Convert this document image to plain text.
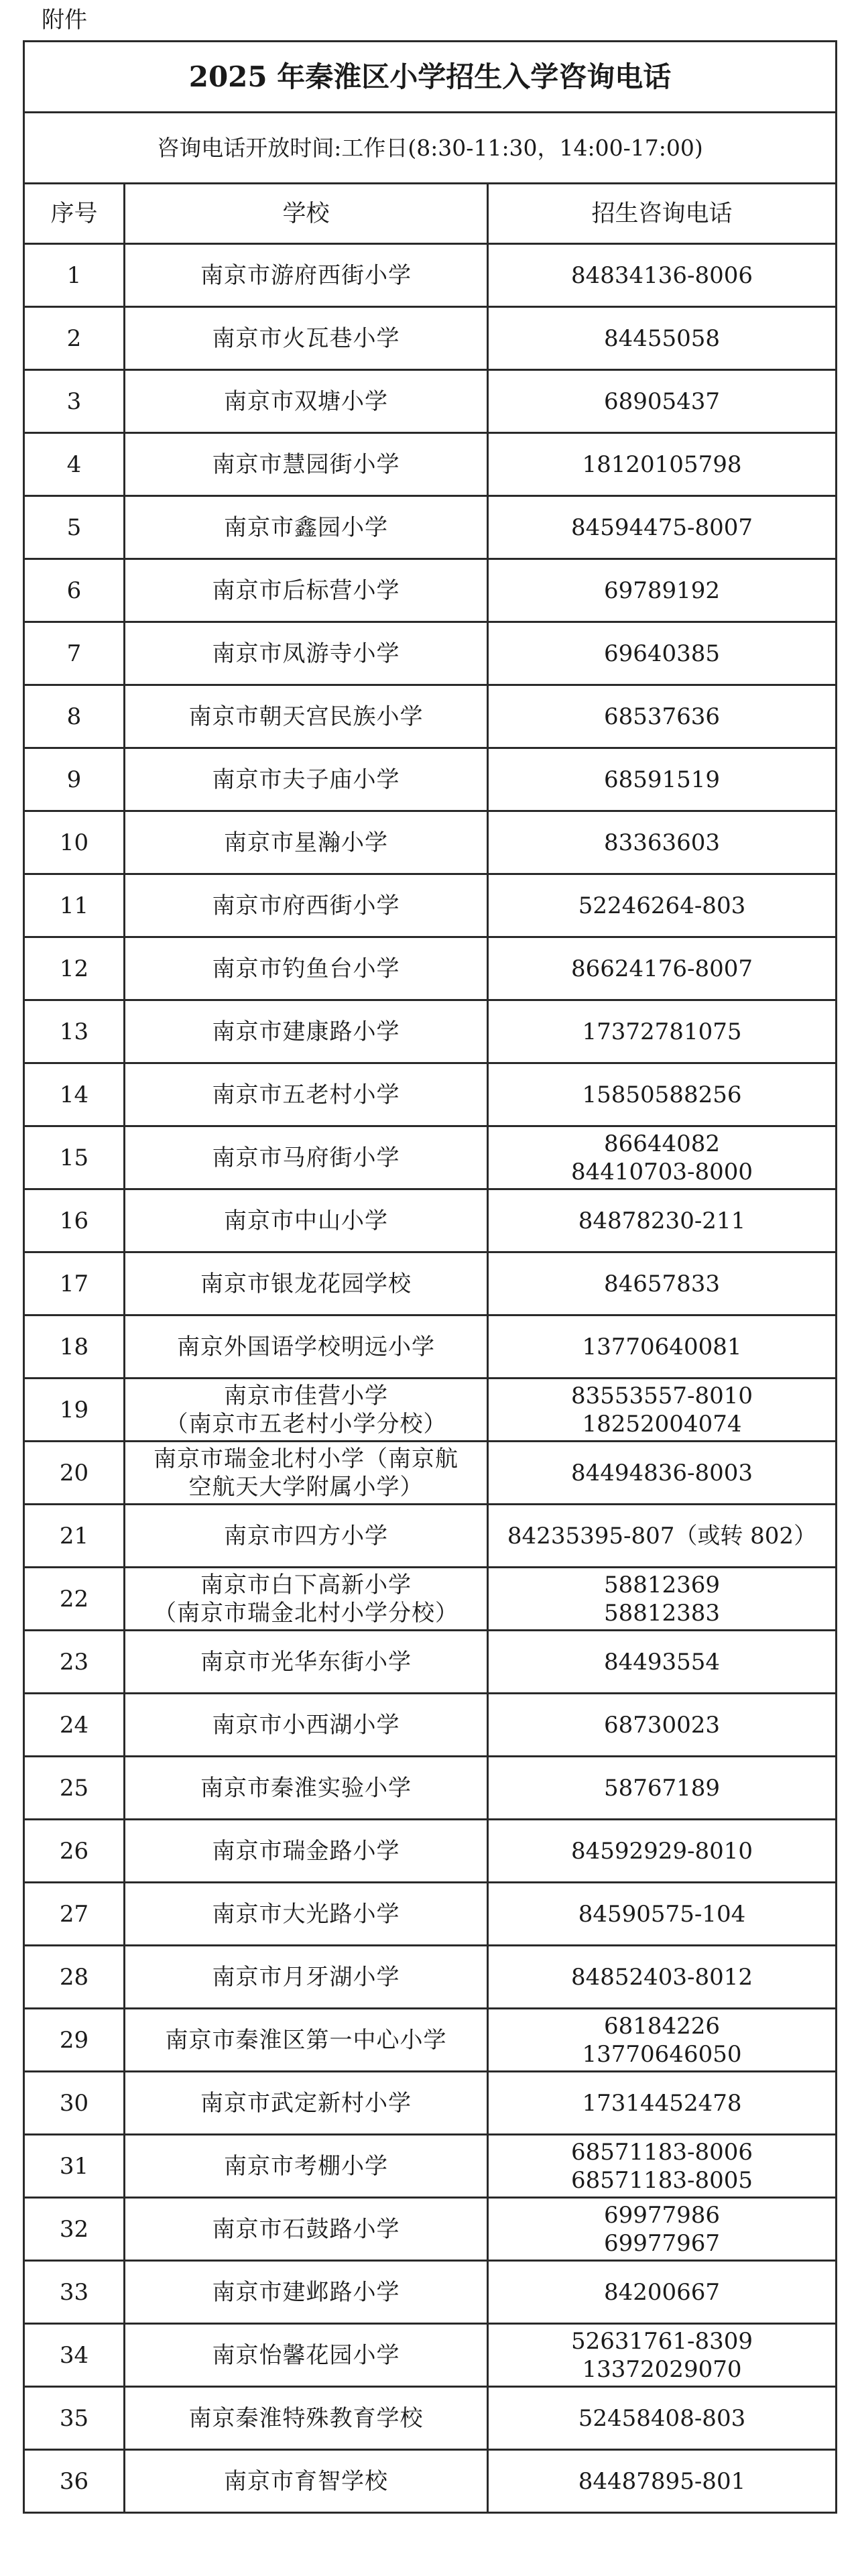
附件
2025 年秦淮区小学招生入学咨询电话		
咨询电话开放时间:工作日(8:30-11:30，14:00-17:00)		
序号	学校	招生咨询电话
1	南京市游府西街小学	84834136-8006

2	南京市火瓦巷小学	84455058

3	南京市双塘小学	68905437

4	南京市慧园街小学	18120105798

5	南京市鑫园小学	84594475-8007

6	南京市后标营小学	69789192

7	南京市凤游寺小学	69640385

8	南京市朝天宫民族小学	68537636

9	南京市夫子庙小学	68591519

10	南京市星瀚小学	83363603

11	南京市府西街小学	52246264-803

12	南京市钓鱼台小学	86624176-8007

13	南京市建康路小学	17372781075

14	南京市五老村小学	15850588256

15	南京市马府街小学	86644082
84410703-8000

16	南京市中山小学	84878230-211

17	南京市银龙花园学校	84657833

18	南京外国语学校明远小学	13770640081

19	南京市佳营小学
（南京市五老村小学分校）	83553557-8010
18252004074

20	南京市瑞金北村小学（南京航
空航天大学附属小学）	84494836-8003

21	南京市四方小学	84235395-807（或转 802）

22	南京市白下高新小学
（南京市瑞金北村小学分校）	58812369
58812383

23	南京市光华东街小学	84493554

24	南京市小西湖小学	68730023

25	南京市秦淮实验小学	58767189

26	南京市瑞金路小学	84592929-8010

27	南京市大光路小学	84590575-104

28	南京市月牙湖小学	84852403-8012

29	南京市秦淮区第一中心小学	68184226
13770646050

30	南京市武定新村小学	17314452478

31	南京市考棚小学	68571183-8006
68571183-8005

32	南京市石鼓路小学	69977986
69977967

33	南京市建邺路小学	84200667

34	南京怡馨花园小学	52631761-8309
13372029070

35	南京秦淮特殊教育学校	52458408-803

36	南京市育智学校	84487895-801
